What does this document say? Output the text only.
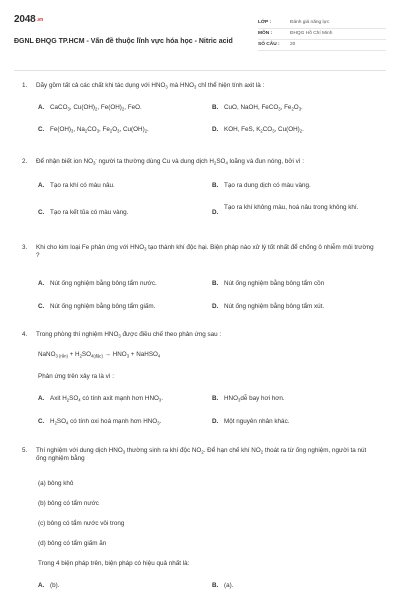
2048.vn
ĐGNL ĐHQG TP.HCM - Vấn đề thuộc lĩnh vực hóa học - Nitric acid
LỚP :	Đánh giá năng lực
MÔN :	ĐHQG Hồ Chí Minh
SỐ CÂU :	20
1.	Dãy gồm tất cả các chất khi tác dụng với $HNO_3$ mà $HNO_3$ chỉ thể hiện tính axit là :
A. CaCO$_3$, $Cu(OH)_2$, $Fe(OH)_2$, FeO.	B. CuO, NaOH, FeCO$_3$, $Fe_2O_3$.
C. $Fe(OH)_3$, $Na_2CO_3$, $Fe_2O_3$, $Cu(OH)_2$.	D. KOH, FeS, $K_2CO_3$, $Cu(OH)_2$.
2.	Để nhận biết ion $NO_3^-$ người ta thường dùng Cu và dung dịch $H_2SO_4$ loãng và đun nóng, bởi vì :
A. Tạo ra khí có màu nâu.	B. Tạo ra dung dịch có màu vàng.
C. Tạo ra kết tủa có màu vàng.	D.
Tạo ra khí không màu, hoá nâu trong không khí.
3.	Khi cho kim loại Fe phản ứng với $HNO_3$ tạo thành khí độc hại. Biện pháp nào xử lý tốt nhất để chống ô nhiễm môi trường ?
A. Nút ống nghiệm bằng bông tẩm nước.	B. Nút ống nghiệm bằng bông tẩm cồn
C. Nút ống nghiệm bằng bông tẩm giấm.	D. Nút ống nghiệm bằng bông tẩm xút.
4.	Trong phòng thí nghiệm $HNO_3$ được điều chế theo phản ứng sau :
NaNO$_{3 (rắn)}$ + $H_2SO_{4(đặc)} \to HNO_3$ + NaHSO$_4$
Phản ứng trên xảy ra là vì :
A. Axit $H_2SO_4$ có tính axit mạnh hơn $HNO_3$.	B. $HNO_3dễ$ bay hơi hơn.
C. $H_2SO_4$ có tính oxi hoá mạnh hơn $HNO_3$.	D. Một nguyên nhân khác.
5.	Thí nghiệm với dung dịch $HNO_3$ thường sinh ra khí độc $NO_2$. Để hạn chế khí $NO_2$ thoát ra từ ống nghiệm, người ta nút ống nghiệm bằng
(a) bông khô
(b) bông có tẩm nước
(c) bông có tẩm nước vôi trong
(d) bông có tẩm giấm ăn
Trong 4 biện pháp trên, biện pháp có hiệu quả nhất là:
A. (b).	B. (a).
